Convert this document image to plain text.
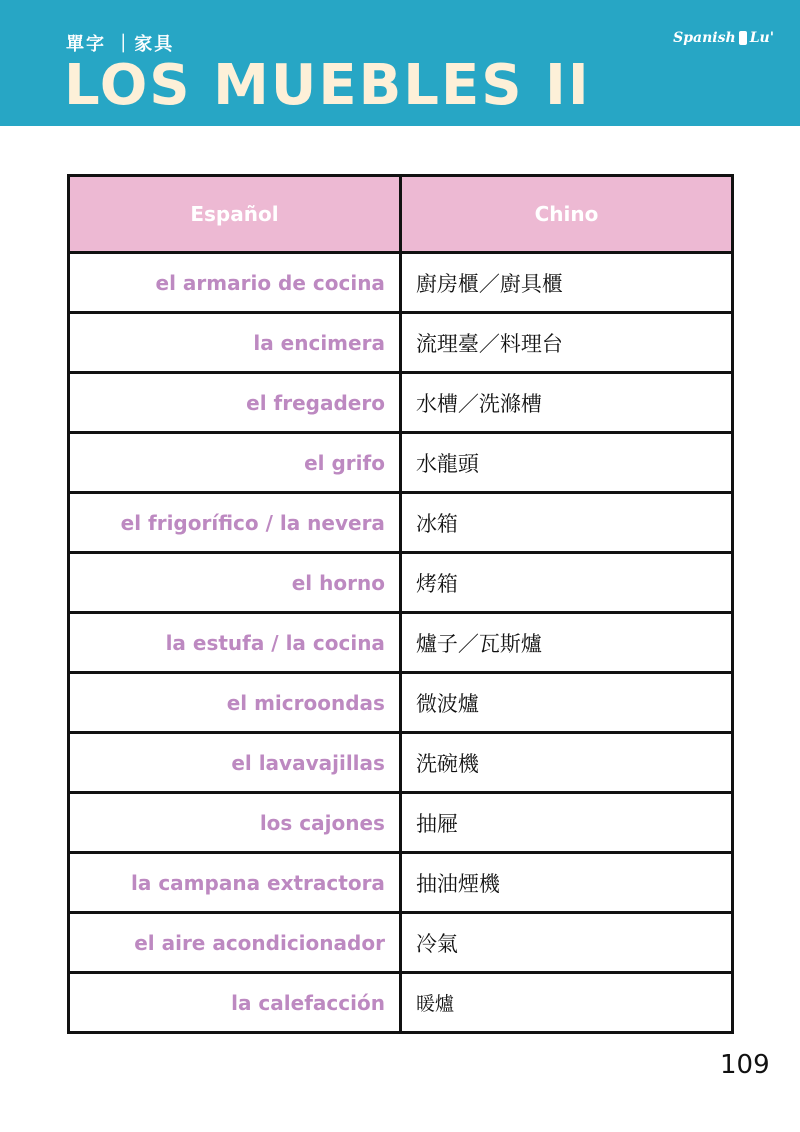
單字 ｜家具
LOS MUEBLES II
Spanish Lu'
Español	Chino
el armario de cocina	廚房櫃／廚具櫃
la encimera	流理臺／料理台
el fregadero	水槽／洗滌槽
el grifo	水龍頭
el frigorífico / la nevera	冰箱
el horno	烤箱
la estufa / la cocina	爐子／瓦斯爐
el microondas	微波爐
el lavavajillas	洗碗機
los cajones	抽屜
la campana extractora	抽油煙機
el aire acondicionador	冷氣
la calefacción	暖爐
109
